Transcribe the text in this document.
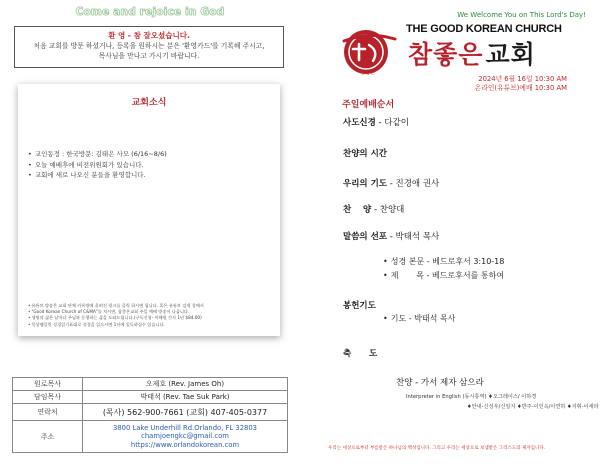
Come and rejoice in God
환 영 - 참 잘오셨습니다.
처음 교회를 방문 하셨거나, 등록을 원하시는 분은 '환영카드'를 기록해 주시고,
목사님을 만나고 가시기 바랍니다.
교회소식
• 교인동정 : 한국방문: 김태은 사모 (6/16~8/6)
• 오늘 예배후에 비전위원회가 있습니다.
• 교회에 새로 나오신 분들을 환영합니다.
• 유튜브 방송은 교회 단체 카톡방에 올려진 링크를 클릭 하시면 됩니다. 혹은 유튜브 검색 창에서
• "Good Korean Church of C&MA"를 치시면, 참좋은교회 주일 예배 방송이 나옵니다.
• 생명의 삶은 날마다 주님과 동행하는 삶을 도와드립니다.(구독신청- 이해원 간사 1년 $84.00)
• 묵상팸플릿 성경읽기표대로 성경을 읽으시면 1년에 일독하실수 있습니다.
원로목사	오제호 (Rev. James Oh)
담임목사	박태석 (Rev. Tae Suk Park)
연락처	(목사) 562-900-7661 (교회) 407-405-0377
주소	3800 Lake Underhill Rd.Orlando, FL 32803
chamjoengkc@gmail.com
https://www.orlandokorean.com
We Welcome You on This Lord's Day!
참좋은
THE GOOD KOREAN CHURCH
참좋은교회
2024년 6월 16일 10:30 AM
온라인(유튜브)예배 10:30 AM
주일예배순서
사도신경 - 다같이
찬양의 시간
우리의 기도 - 진경애 권사
찬    양 - 찬양대
말씀의 선포 - 박태석 목사
• 성경 본문 - 베드로후서 3:10-18
• 제       목 - 베드로후서를 통하여
봉헌기도
• 기도 - 박태석 목사
축      도
찬양 - 가서 제자 삼으라
Interpreter in English (동시통역) ♦오그레이스/ 이하경
♦안내-신성우/신일지 ♦반주-이인옥/이연하 ♦지휘-이세라
우리는 세상으로부터 부름받은 하나님의 백성입니다. 그리고 우리는 세상으로 보냄받은 그리스도의 제자입니다.
